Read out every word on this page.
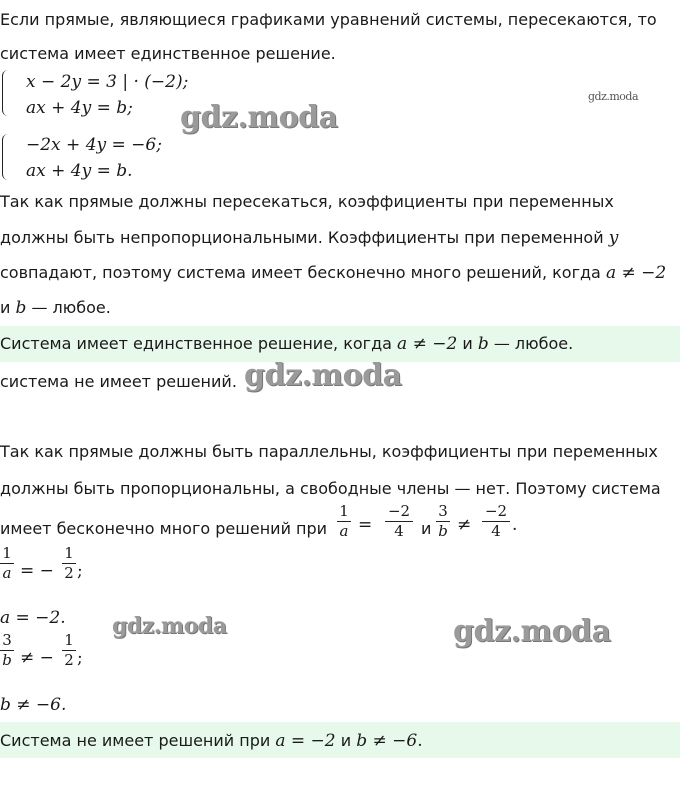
Если прямые, являющиеся графиками уравнений системы, пересекаются, то
система имеет единственное решение.
x − 2y = 3 | · (−2);
ax + 4y = b;
−2x + 4y = −6;
ax + 4y = b.
gdz.moda
gdz.moda
Так как прямые должны пересекаться, коэффициенты при переменных
должны быть непропорциональными. Коэффициенты при переменной y
совпадают, поэтому система имеет бесконечно много решений, когда a ≠ −2
и b — любое.
Система имеет единственное решение, когда a ≠ −2 и b — любое.
система не имеет решений. gdz.moda
Так как прямые должны быть параллельны, коэффициенты при переменных
должны быть пропорциональны, а свободные члены — нет. Поэтому система
имеет бесконечно много решений при
1
a =
−2
4	и
3
b ≠
−2
4 .
1
a = −
1
2 ;
a = −2.
3
b ≠ −
1
2 ;
b ≠ −6.
gdz.moda	gdz.moda
Система не имеет решений при a = −2 и b ≠ −6.
